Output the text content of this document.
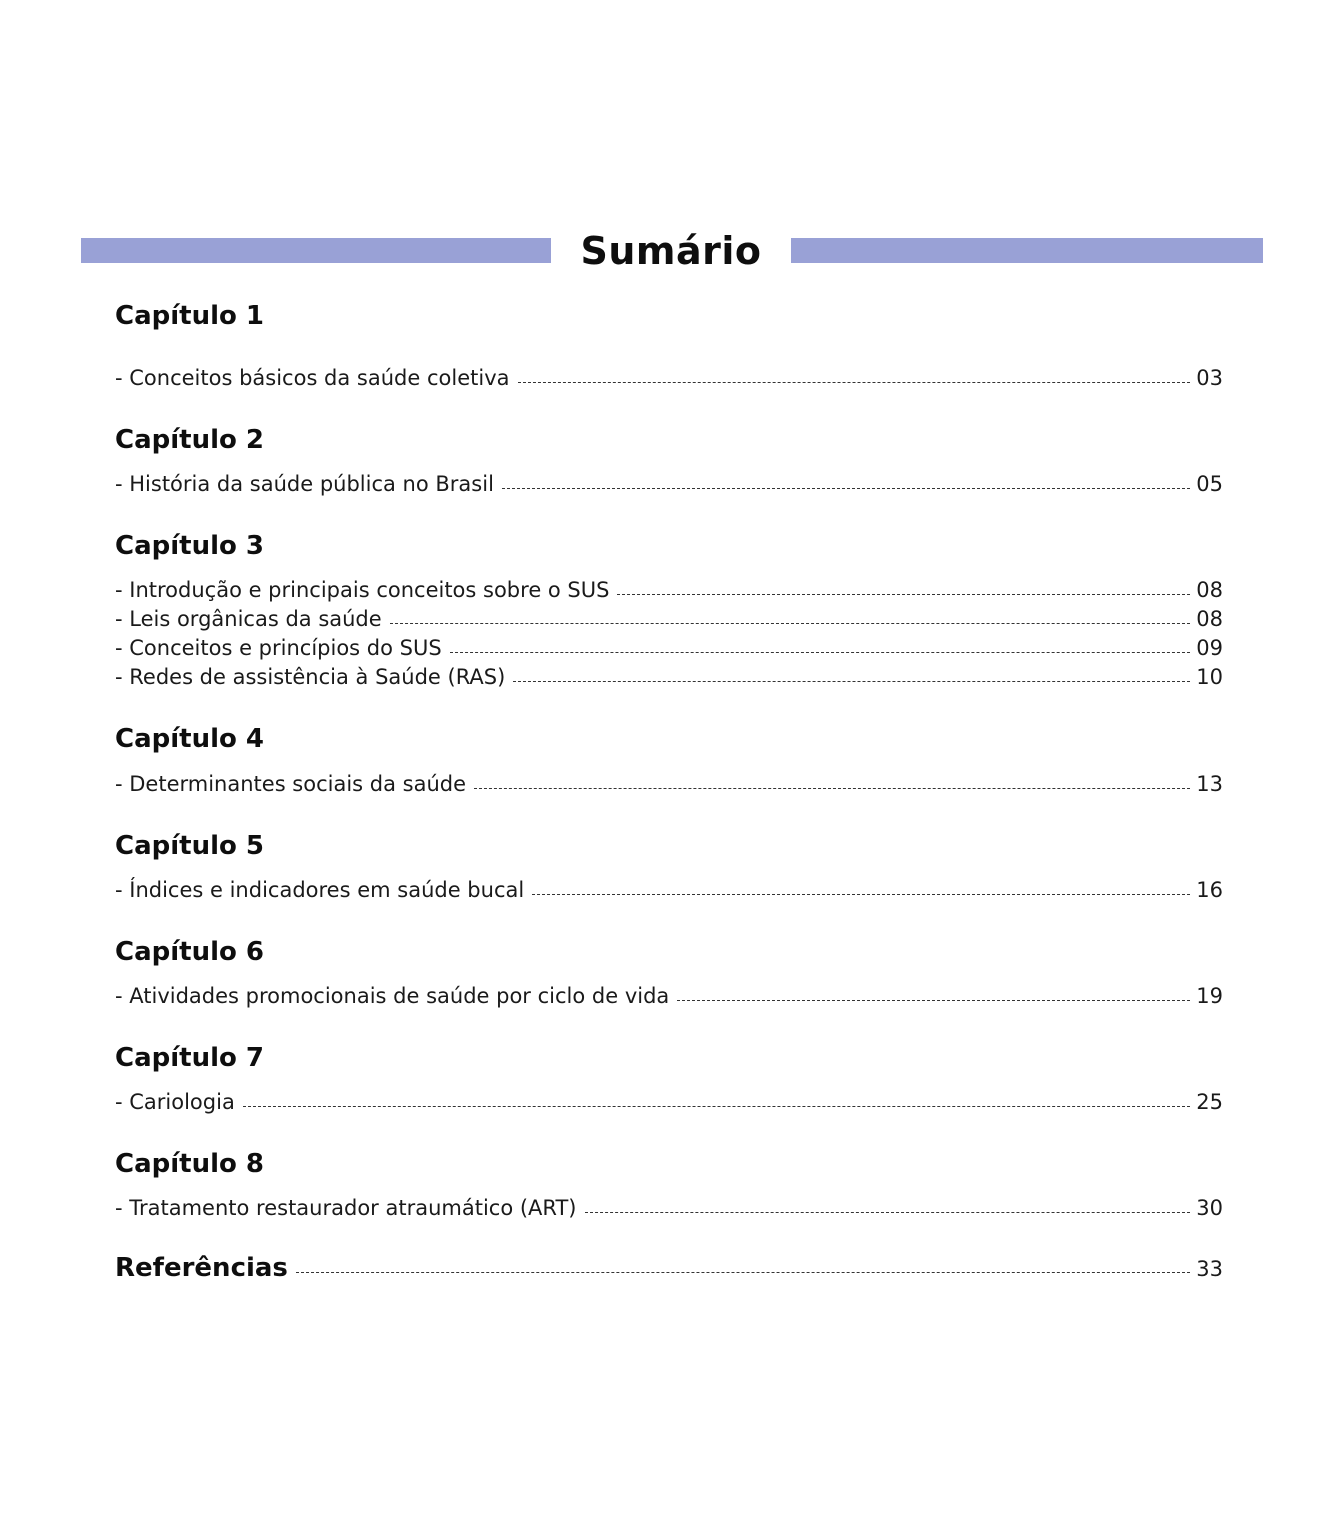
Sumário
Capítulo 1
- Conceitos básicos da saúde coletiva	03
Capítulo 2
- História da saúde pública no Brasil	05
Capítulo 3
- Introdução e principais conceitos sobre o SUS	08
- Leis orgânicas da saúde	08
- Conceitos e princípios do SUS	09
- Redes de assistência à Saúde (RAS)	10
Capítulo 4
- Determinantes sociais da saúde	13
Capítulo 5
- Índices e indicadores em saúde bucal	16
Capítulo 6
- Atividades promocionais de saúde por ciclo de vida	19
Capítulo 7
- Cariologia	25
Capítulo 8
- Tratamento restaurador atraumático (ART)	30
Referências	33
